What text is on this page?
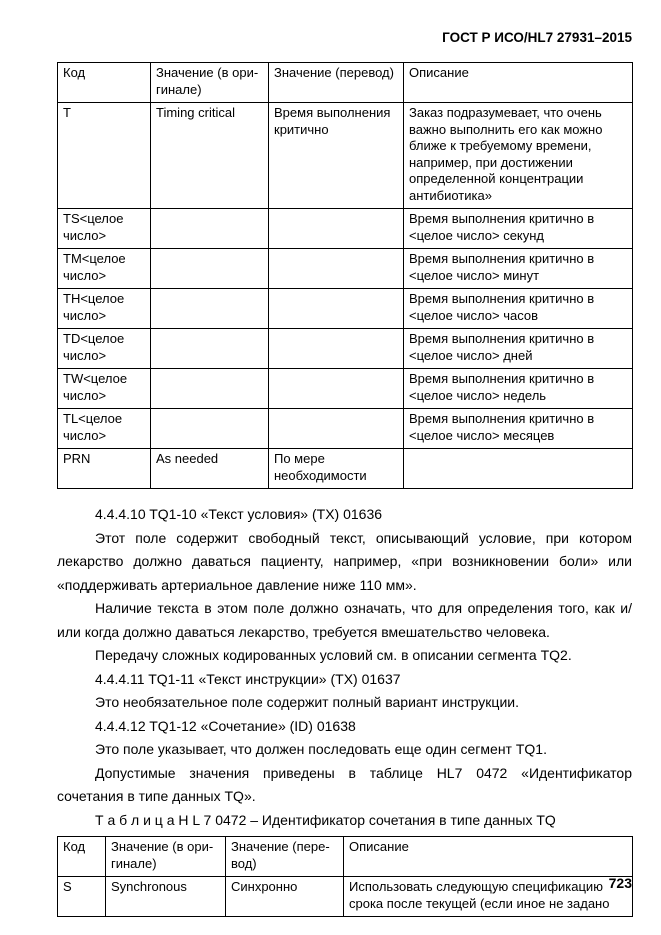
ГОСТ Р ИСО/HL7 27931–2015
Код	Значение (в ори-гинале)	Значение (перевод)	Описание
T	Timing critical	Время выполнения критично	Заказ подразумевает, что очень важно выполнить его как можно ближе к требуемому времени, например, при достижении определенной концентрации антибиотика»
TS<целое число>			Время выполнения критично в <целое число> секунд
TM<целое число>			Время выполнения критично в <целое число> минут
TH<целое число>			Время выполнения критично в <целое число> часов
TD<целое число>			Время выполнения критично в <целое число> дней
TW<целое число>			Время выполнения критично в <целое число> недель
TL<целое число>			Время выполнения критично в <целое число> месяцев
PRN	As needed	По мере необходимости	

4.4.4.10 TQ1-10 «Текст условия» (TX) 01636

Этот поле содержит свободный текст, описывающий условие, при котором лекарство должно даваться пациенту, например, «при возникновении боли» или «поддерживать артериальное давление ниже 110 мм».

Наличие текста в этом поле должно означать, что для определения того, как и/или когда должно даваться лекарство, требуется вмешательство человека.

Передачу сложных кодированных условий см. в описании сегмента TQ2.

4.4.4.11 TQ1-11 «Текст инструкции» (TX) 01637

Это необязательное поле содержит полный вариант инструкции.

4.4.4.12 TQ1-12 «Сочетание» (ID) 01638

Это поле указывает, что должен последовать еще один сегмент TQ1.

Допустимые значения приведены в таблице HL7 0472 «Идентификатор сочетания в типе данных TQ».

Т а б л и ц а H L 7 0472 – Идентификатор сочетания в типе данных TQ

Код	Значение (в ори-гинале)	Значение (пере-вод)	Описание
S	Synchronous	Синхронно	Использовать следующую спецификацию срока после текущей (если иное не задано
723
